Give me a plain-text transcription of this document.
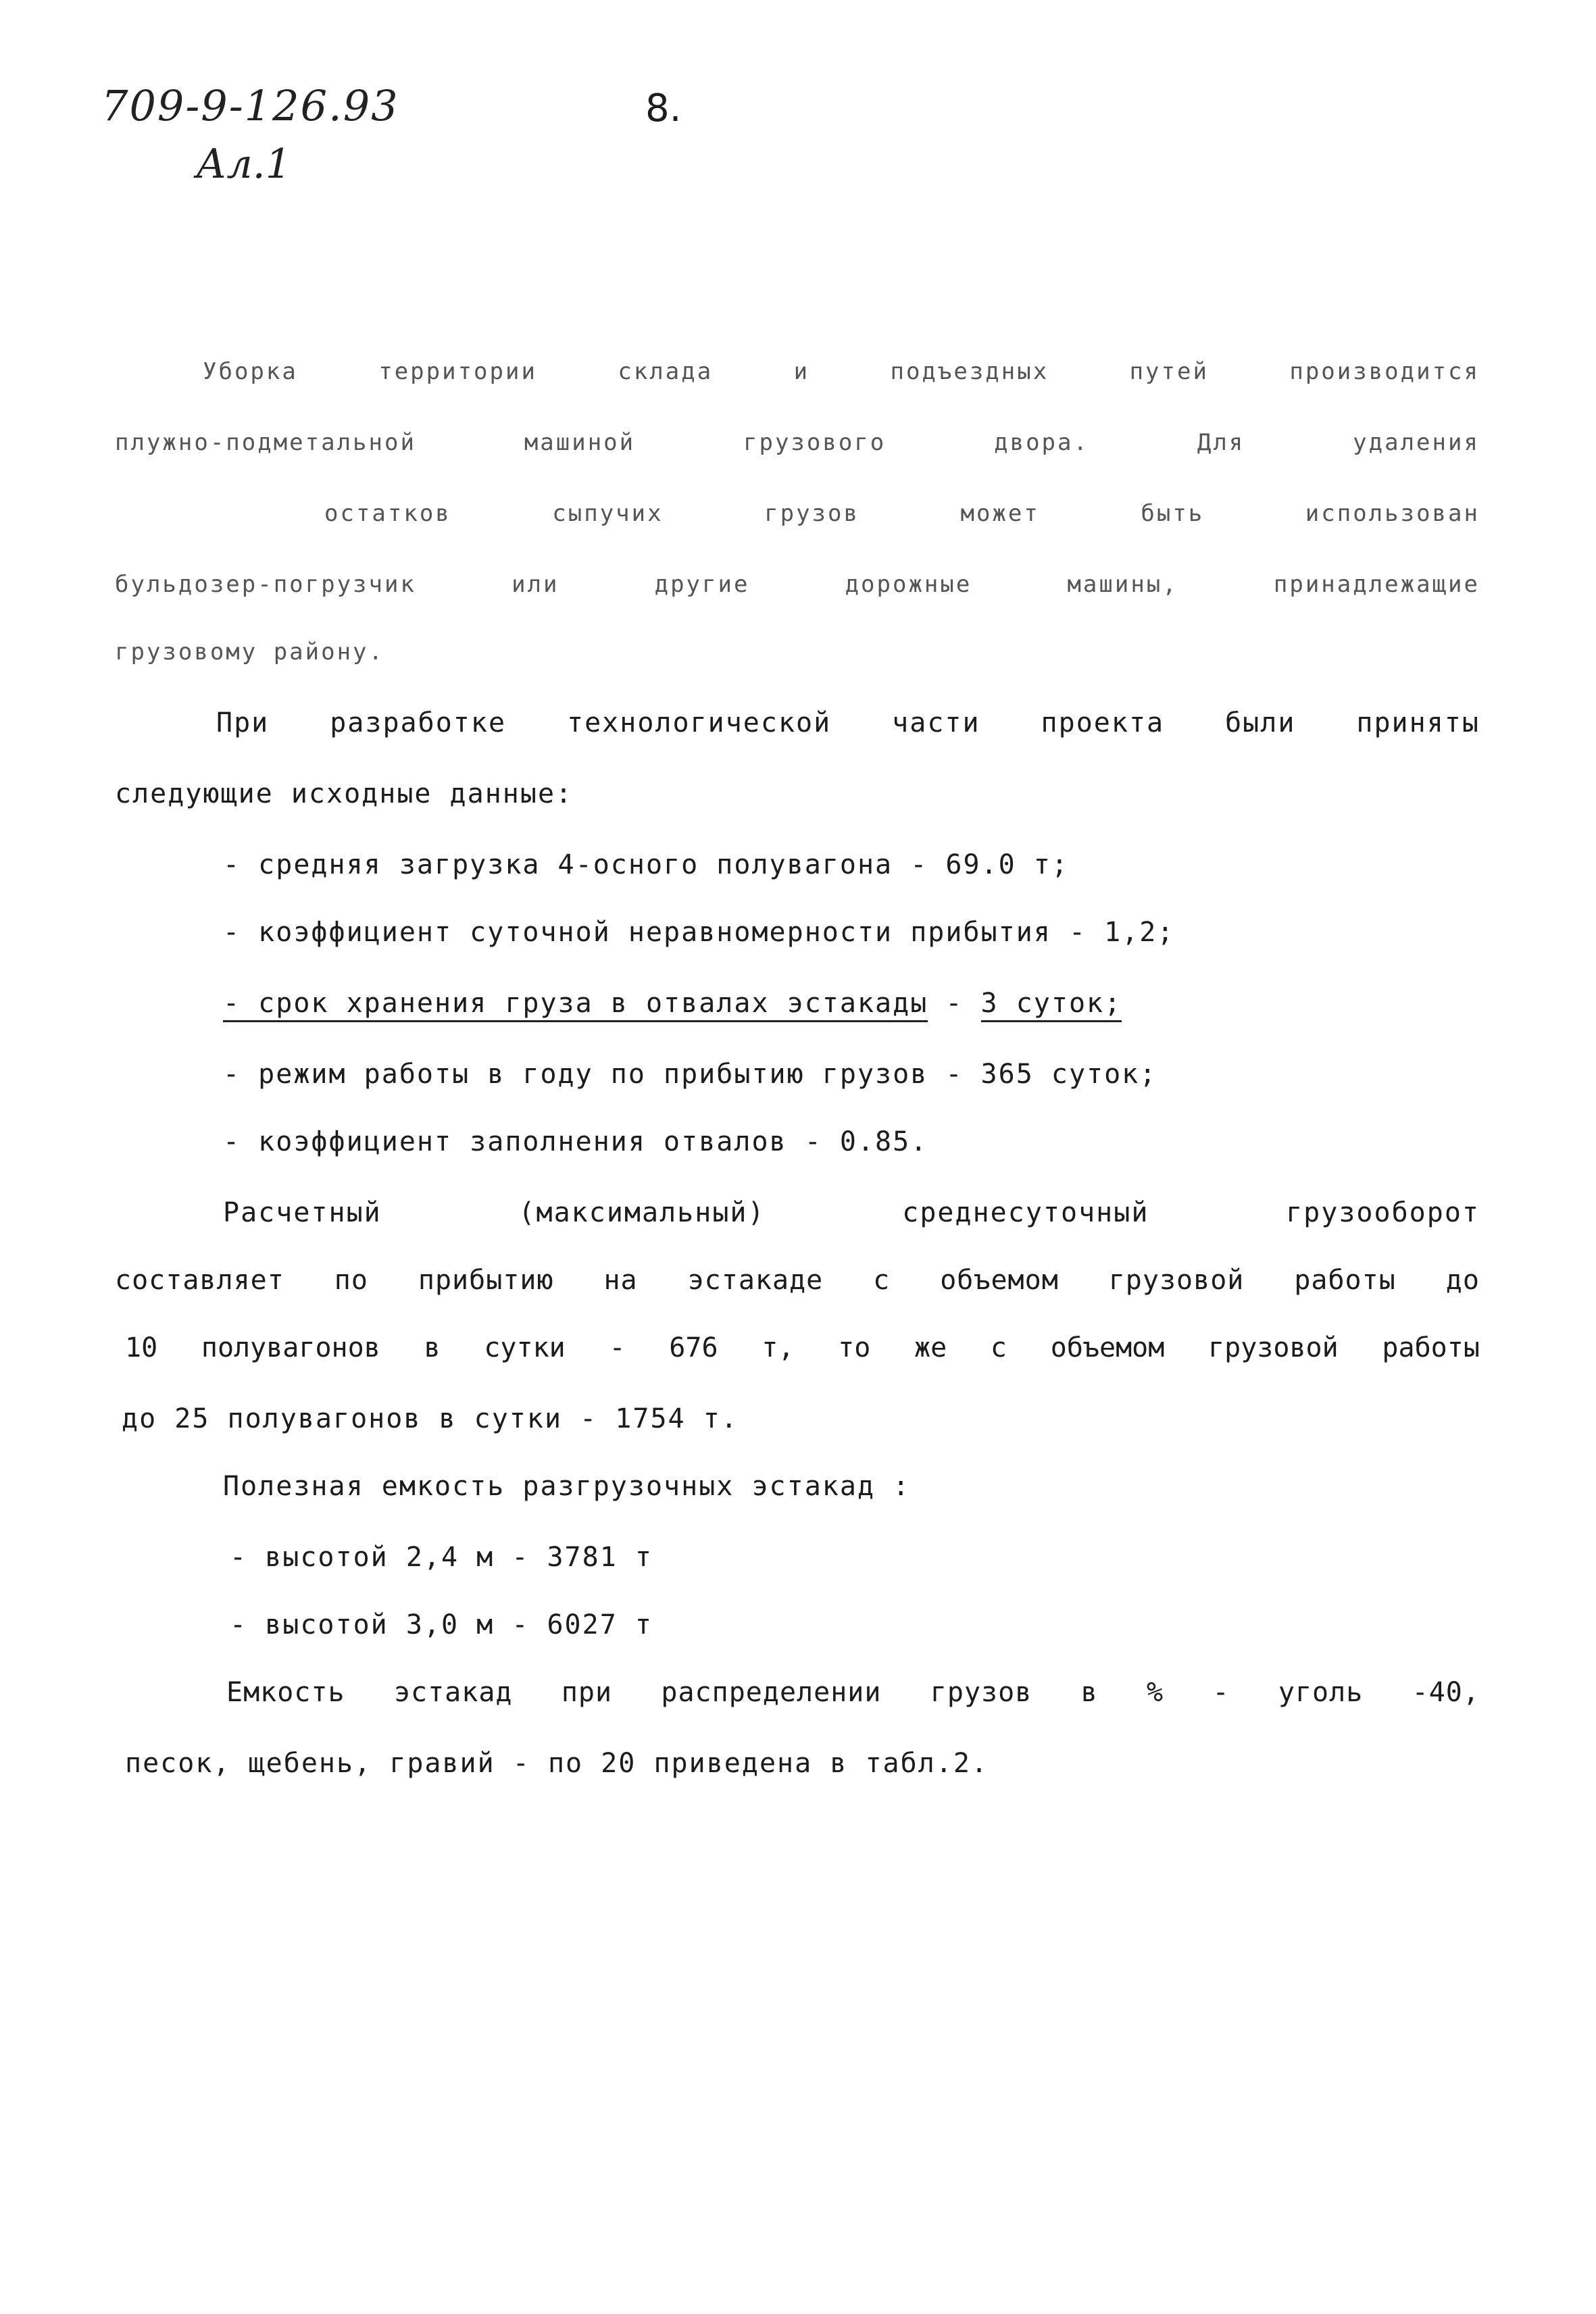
709-9-126.93
Ал.1
8.
Уборка	территории	склада	и	подъездных	путей	производится
плужно-подметальной	машиной	грузового	двора.	Для	удаления
остатков	сыпучих	грузов	может	быть	использован
бульдозер-погрузчик	или	другие	дорожные	машины,	принадлежащие
грузовому району.
При разработке технологической части проекта были приняты
следующие исходные данные:
- средняя загрузка 4-осного полувагона - 69.0 т;
- коэффициент суточной неравномерности прибытия - 1,2;
- срок хранения груза в отвалах эстакады - 3 суток;
- режим работы в году по прибытию грузов - 365 суток;
- коэффициент заполнения отвалов - 0.85.
Расчетный	(максимальный)	среднесуточный	грузооборот
составляет по прибытию на эстакаде с объемом грузовой работы до
10 полувагонов в сутки - 676 т, то же с объемом грузовой работы
до 25 полувагонов в сутки - 1754 т.
Полезная емкость разгрузочных эстакад :
- высотой 2,4 м - 3781 т
- высотой 3,0 м - 6027 т
Емкость эстакад при распределении грузов в % - уголь -40,
песок, щебень, гравий - по 20 приведена в табл.2.
